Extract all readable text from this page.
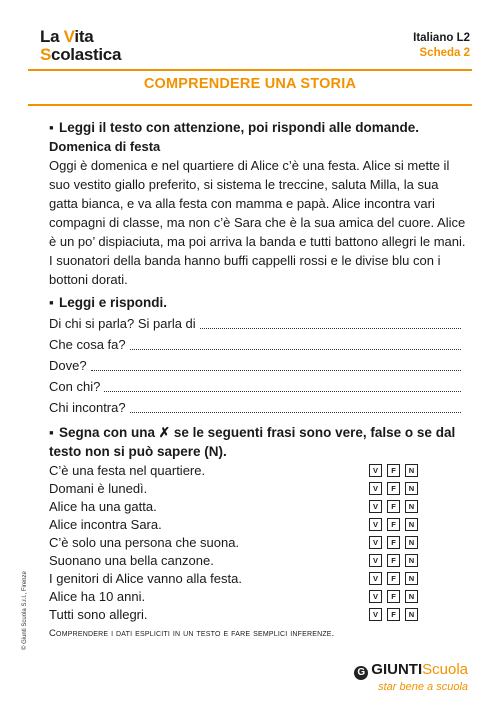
La Vita
Scolastica
Italiano L2
Scheda 2
COMPRENDERE UNA STORIA
▪ Leggi il testo con attenzione, poi rispondi alle domande.

Domenica di festa

Oggi è domenica e nel quartiere di Alice c’è una festa. Alice si mette il suo vestito giallo preferito, si sistema le treccine, saluta Milla, la sua gatta bianca, e va alla festa con mamma e papà. Alice incontra vari compagni di classe, ma non c’è Sara che è la sua amica del cuore. Alice è un po’ dispiaciuta, ma poi arriva la banda e tutti battono allegri le mani. I suonatori della banda hanno buffi cappelli rossi e le divise blu con i bottoni dorati.

▪ Leggi e rispondi.
Di chi si parla? Si parla di
Che cosa fa?
Dove?
Con chi?
Chi incontra?
▪ Segna con una ✗ se le seguenti frasi sono vere, false o se dal testo non si può sapere (N).
C’è una festa nel quartiere.	V	F	N
Domani è lunedì.	V	F	N
Alice ha una gatta.	V	F	N
Alice incontra Sara.	V	F	N
C’è solo una persona che suona.	V	F	N
Suonano una bella canzone.	V	F	N
I genitori di Alice vanno alla festa.	V	F	N
Alice ha 10 anni.	V	F	N
Tutti sono allegri.	V	F	N
Comprendere i dati espliciti in un testo e fare semplici inferenze.
© Giunti Scuola S.r.l., Firenze
G GIUNTIScuola
star bene a scuola
